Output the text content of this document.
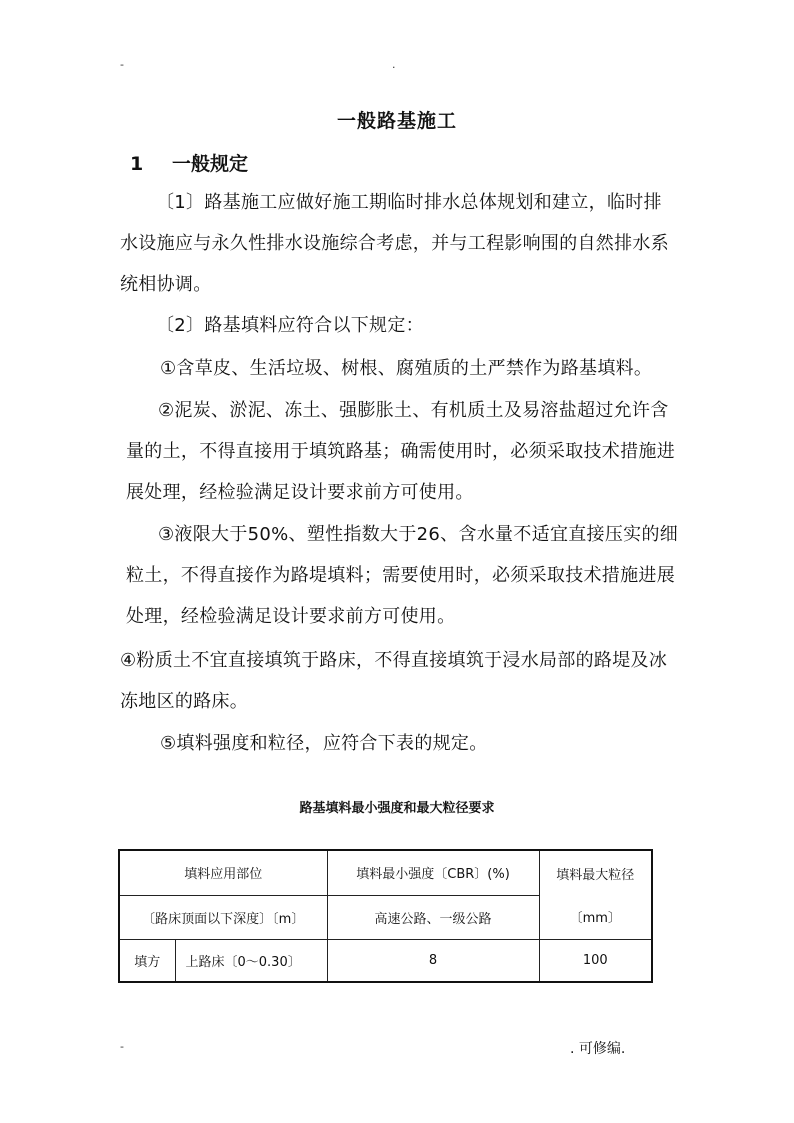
-	.
一般路基施工
1 一般规定
〔1〕路基施工应做好施工期临时排水总体规划和建立，临时排水设施应与永久性排水设施综合考虑，并与工程影响围的自然排水系统相协调。
〔2〕路基填料应符合以下规定：
①含草皮、生活垃圾、树根、腐殖质的土严禁作为路基填料。
②泥炭、淤泥、冻土、强膨胀土、有机质土及易溶盐超过允许含量的土，不得直接用于填筑路基；确需使用时，必须采取技术措施进展处理，经检验满足设计要求前方可使用。
③液限大于50%、塑性指数大于26、含水量不适宜直接压实的细粒土，不得直接作为路堤填料；需要使用时，必须采取技术措施进展处理，经检验满足设计要求前方可使用。
④粉质土不宜直接填筑于路床，不得直接填筑于浸水局部的路堤及冰冻地区的路床。
⑤填料强度和粒径，应符合下表的规定。
路基填料最小强度和最大粒径要求
填料应用部位		填料最小强度〔CBR〕(%)	填料最大粒径
〔路床顶面以下深度〕〔m〕		高速公路、一级公路	〔mm〕
填方	上路床〔0～0.30〕	8	100
-	. 可修编.
